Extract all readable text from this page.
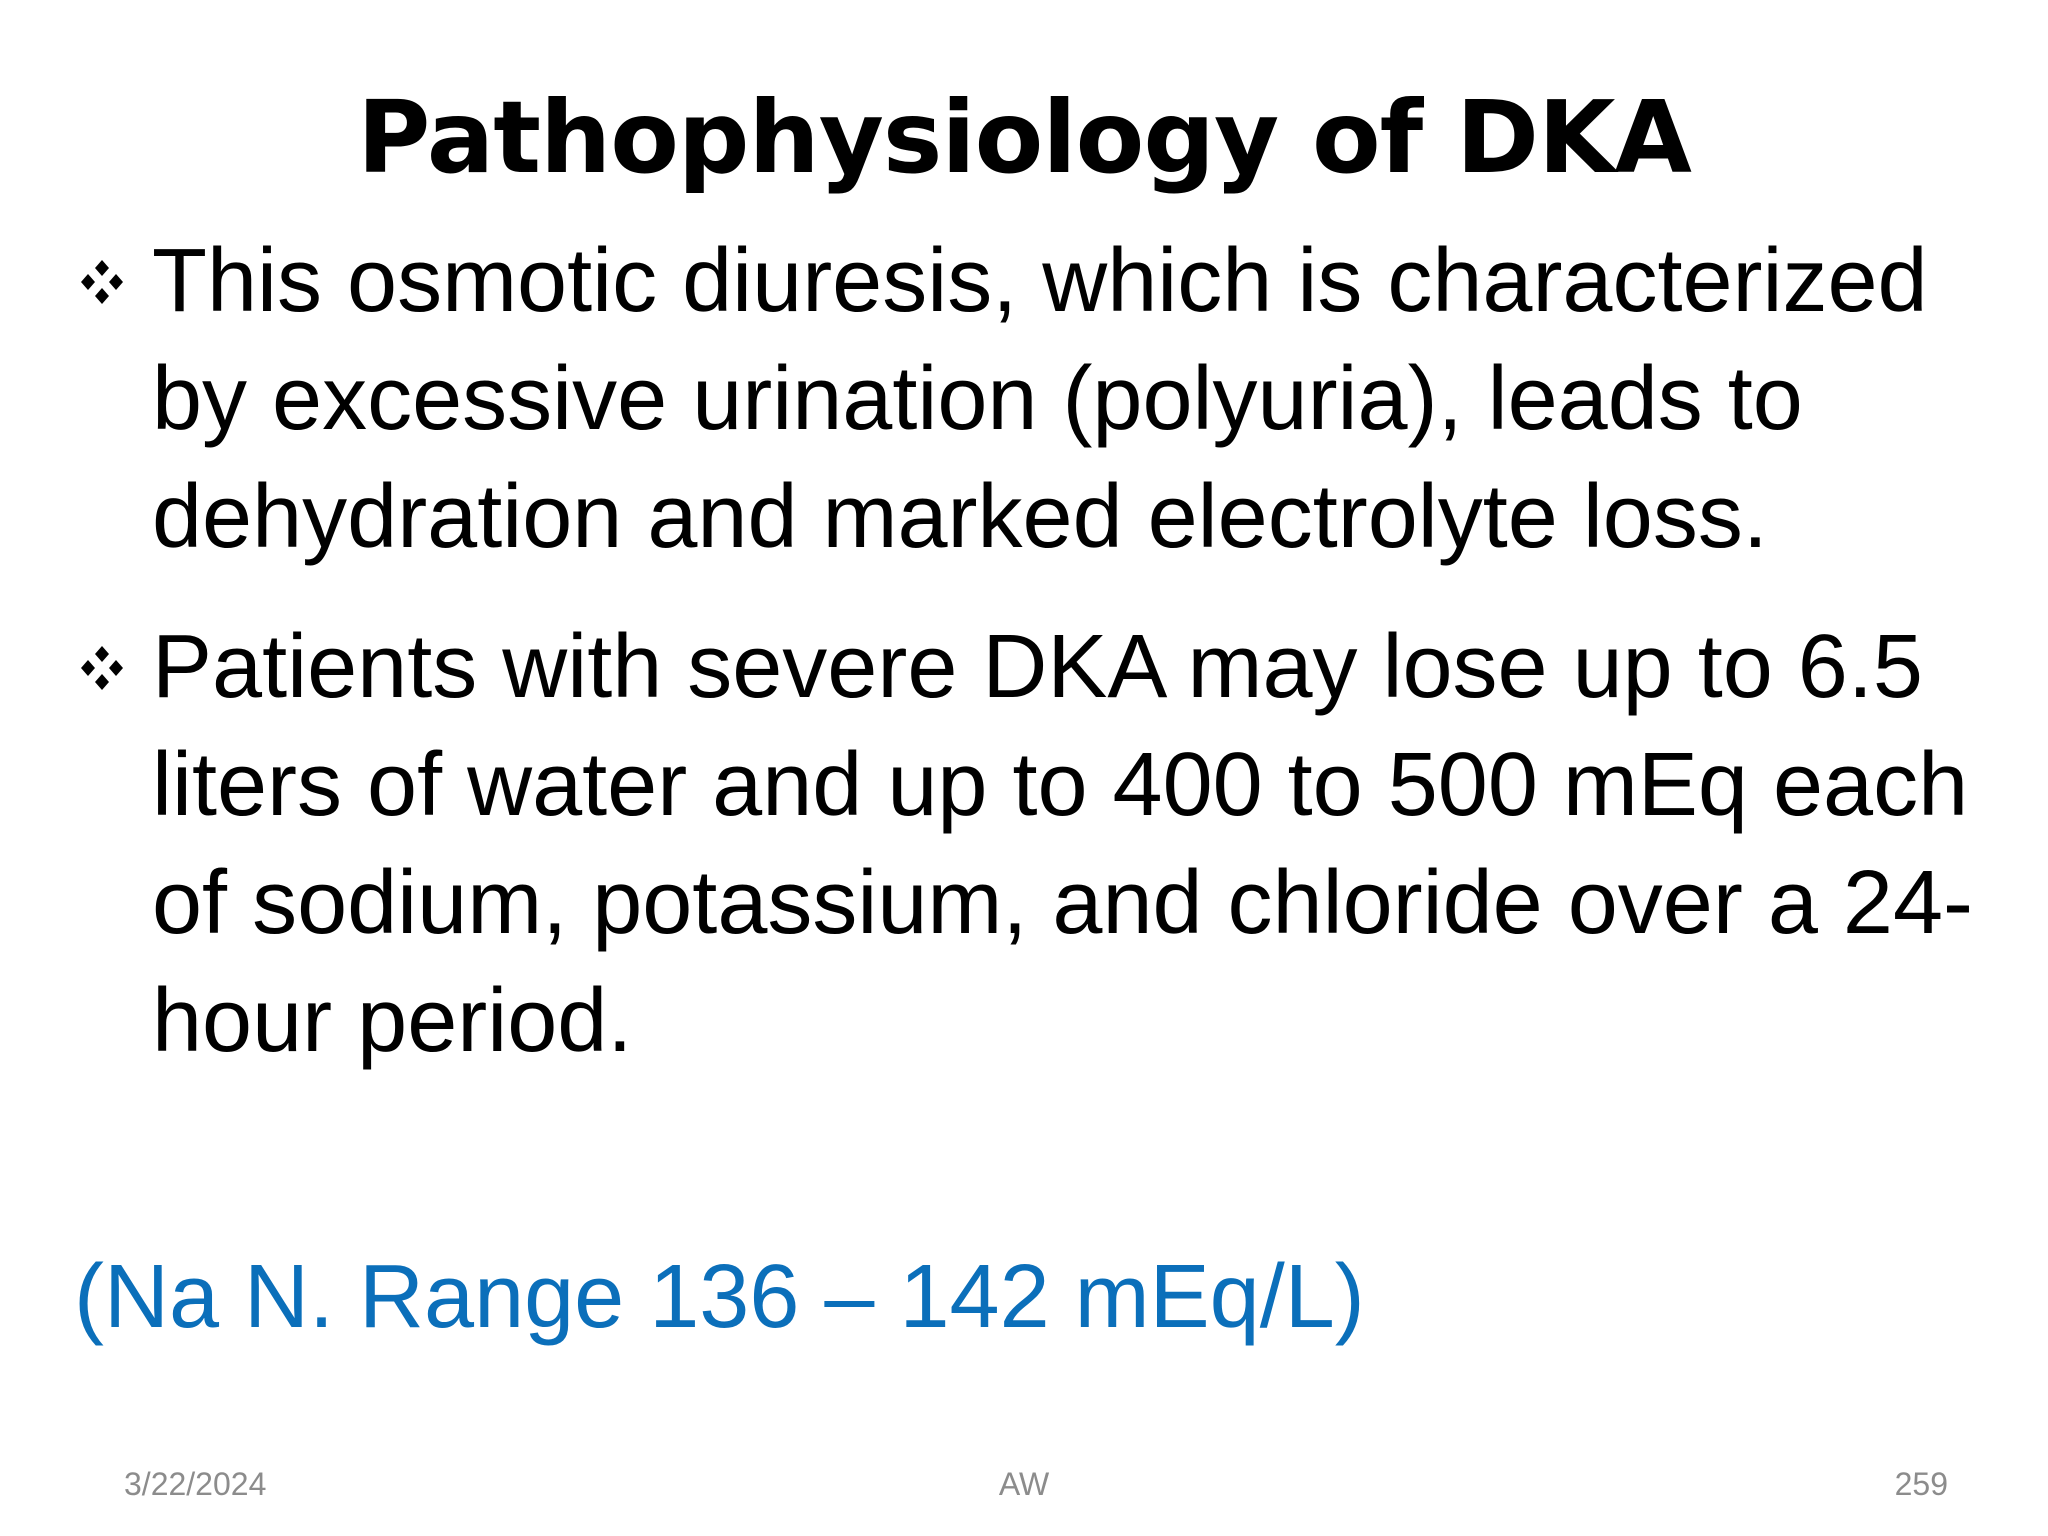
Pathophysiology of DKA
This osmotic diuresis, which is characterized by excessive urination (polyuria), leads to dehydration and marked electrolyte loss.
Patients with severe DKA may lose up to 6.5 liters of water and up to 400 to 500 mEq each of sodium, potassium, and chloride over a 24-hour period.
(Na N. Range 136 – 142 mEq/L)
3/22/2024	AW	259
